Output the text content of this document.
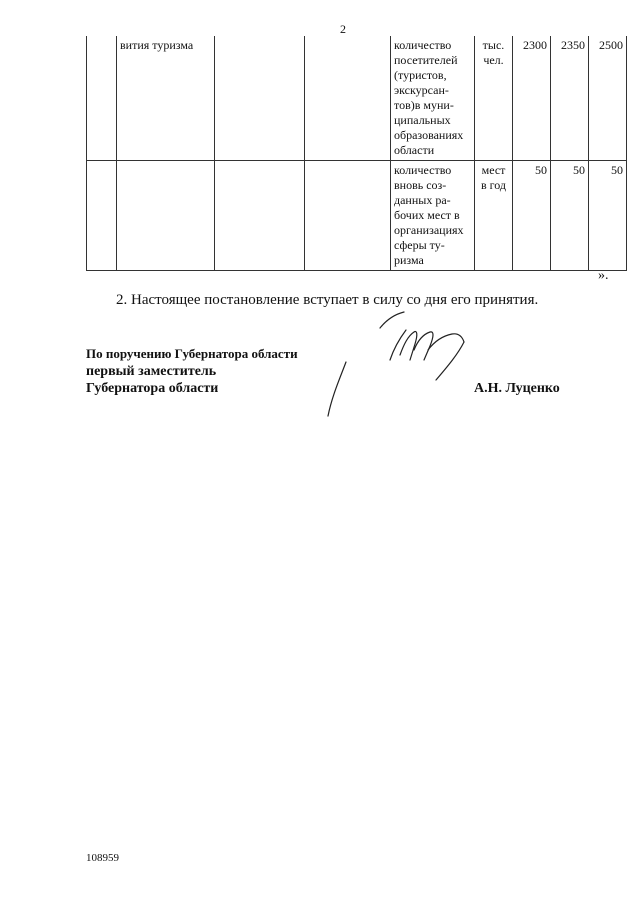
2
	вития туризма			количество посетителей (туристов, экскурсан-тов)в муни-ципальных образованиях области	тыс. чел.	2300	2350	2500
				количество вновь соз-данных ра-бочих мест в организациях сферы ту-ризма	мест в год	50	50	50
».
2. Настоящее постановление вступает в силу со дня его принятия.
По поручению Губернатора области
первый заместитель
Губернатора области	А.Н. Луценко
108959
